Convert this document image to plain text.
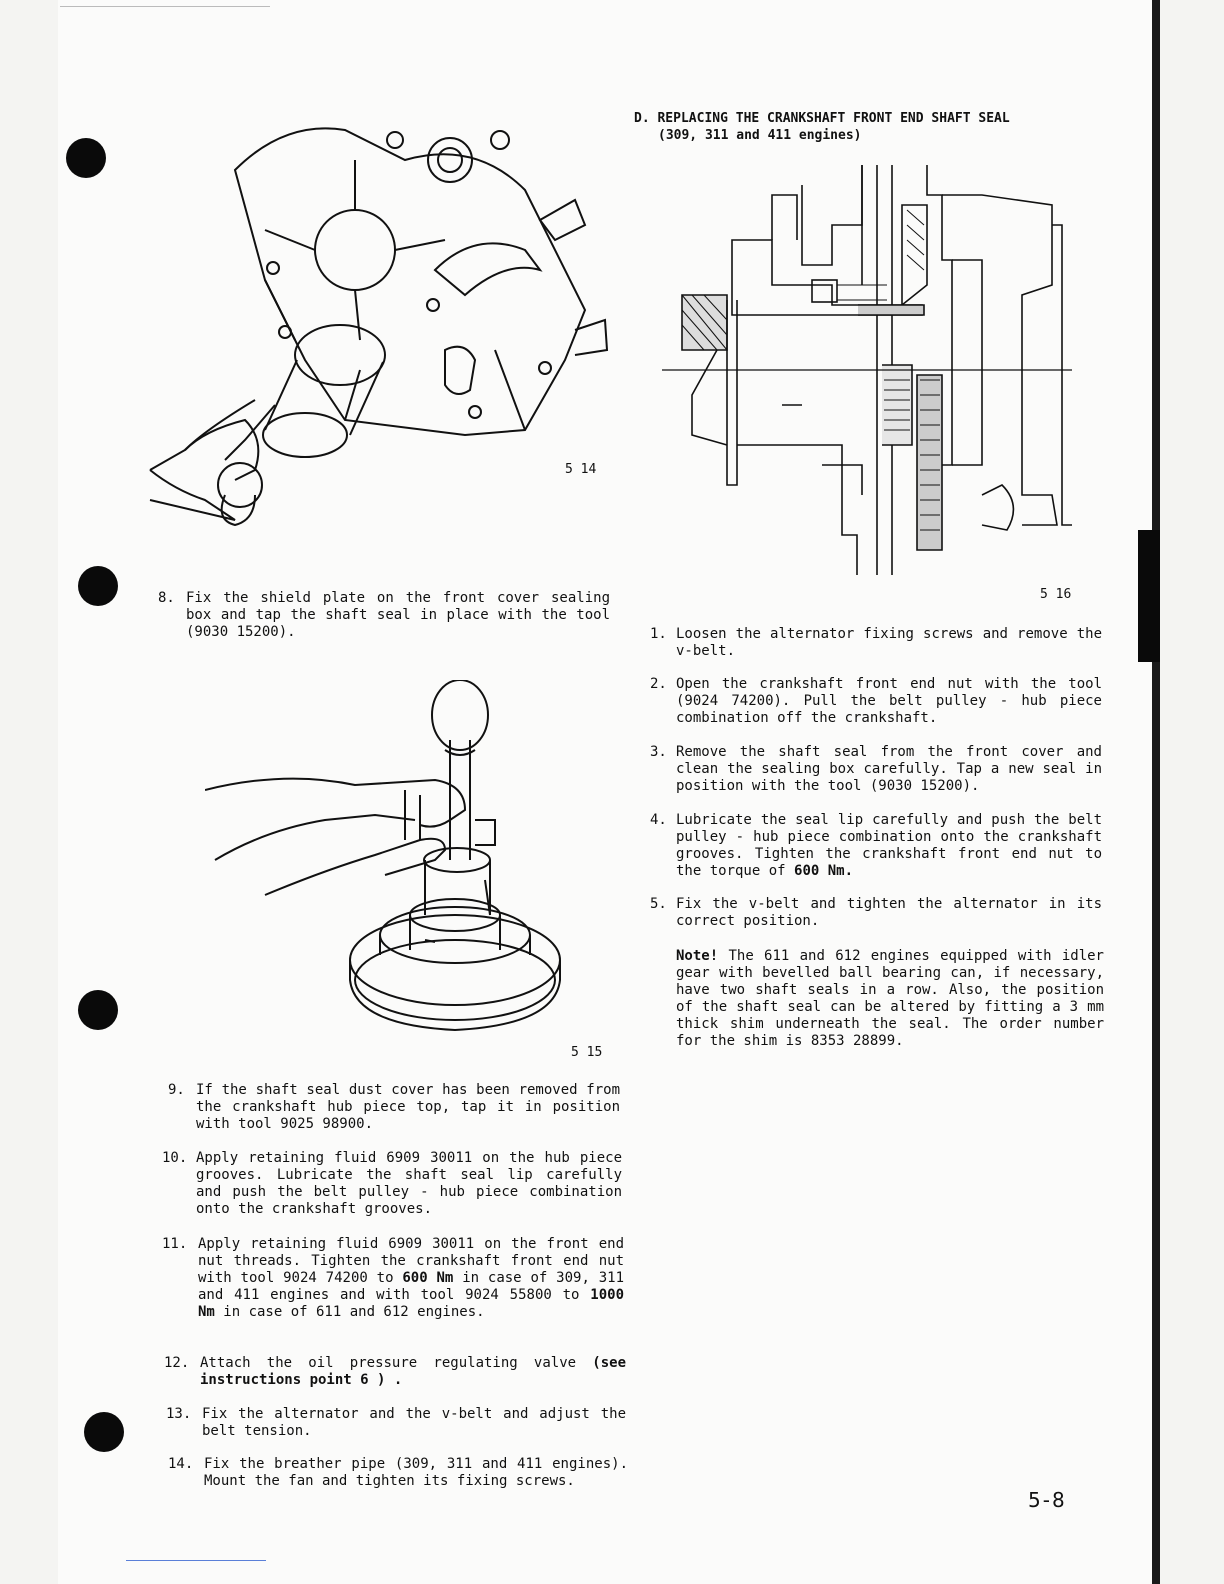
5 14
5 16
5 15
8. Fix the shield plate on the front cover sealing box and tap the shaft seal in place with the tool (9030 15200).
9. If the shaft seal dust cover has been removed from the crankshaft hub piece top, tap it in position with tool 9025 98900.
10. Apply retaining fluid 6909 30011 on the hub piece grooves. Lubricate the shaft seal lip carefully and push the belt pulley - hub piece combination onto the crankshaft grooves.
11. Apply retaining fluid 6909 30011 on the front end nut threads. Tighten the crankshaft front end nut with tool 9024 74200 to 600 Nm in case of 309, 311 and 411 engines and with tool 9024 55800 to 1000 Nm in case of 611 and 612 engines.
12. Attach the oil pressure regulating valve (see instructions point 6 ) .
13. Fix the alternator and the v-belt and adjust the belt tension.
14. Fix the breather pipe (309, 311 and 411 engines). Mount the fan and tighten its fixing screws.
D. REPLACING THE CRANKSHAFT FRONT END SHAFT SEAL
(309, 311 and 411 engines)
1. Loosen the alternator fixing screws and remove the v-belt.
2. Open the crankshaft front end nut with the tool (9024 74200). Pull the belt pulley - hub piece combination off the crankshaft.
3. Remove the shaft seal from the front cover and clean the sealing box carefully. Tap a new seal in position with the tool (9030 15200).
4. Lubricate the seal lip carefully and push the belt pulley - hub piece combination onto the crankshaft grooves. Tighten the crankshaft front end nut to the torque of 600 Nm.
5. Fix the v-belt and tighten the alternator in its correct position.
Note! The 611 and 612 engines equipped with idler gear with bevelled ball bearing can, if necessary, have two shaft seals in a row. Also, the position of the shaft seal can be altered by fitting a 3 mm thick shim underneath the seal. The order number for the shim is 8353 28899.
5-8
